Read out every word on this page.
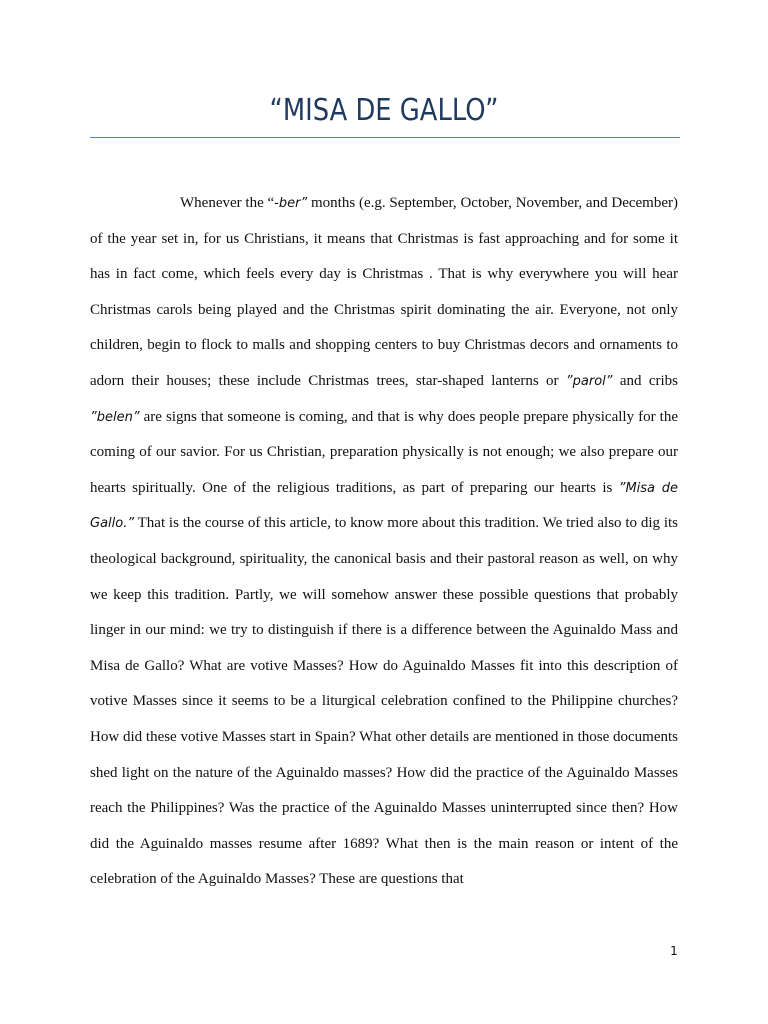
“MISA DE GALLO”

Whenever the “-ber” months (e.g. September, October, November, and December) of the year set in, for us Christians, it means that Christmas is fast approaching and for some it has in fact come, which feels every day is Christmas . That is why everywhere you will hear Christmas carols being played and the Christmas spirit dominating the air. Everyone, not only children, begin to flock to malls and shopping centers to buy Christmas decors and ornaments to adorn their houses; these include Christmas trees, star-shaped lanterns or ”parol” and cribs ”belen” are signs that someone is coming, and that is why does people prepare physically for the coming of our savior. For us Christian, preparation physically is not enough; we also prepare our hearts spiritually. One of the religious traditions, as part of preparing our hearts is ”Misa de Gallo.” That is the course of this article, to know more about this tradition. We tried also to dig its theological background, spirituality, the canonical basis and their pastoral reason as well, on why we keep this tradition. Partly, we will somehow answer these possible questions that probably linger in our mind: we try to distinguish if there is a difference between the Aguinaldo Mass and Misa de Gallo? What are votive Masses? How do Aguinaldo Masses fit into this description of votive Masses since it seems to be a liturgical celebration confined to the Philippine churches? How did these votive Masses start in Spain? What other details are mentioned in those documents shed light on the nature of the Aguinaldo masses? How did the practice of the Aguinaldo Masses reach the Philippines? Was the practice of the Aguinaldo Masses uninterrupted since then? How did the Aguinaldo masses resume after 1689? What then is the main reason or intent of the celebration of the Aguinaldo Masses? These are questions that

1
